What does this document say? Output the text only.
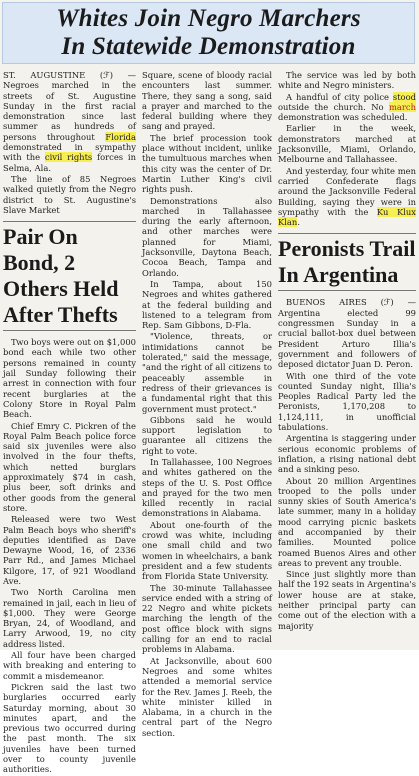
Whites Join Negro Marchers
In Statewide Demonstration

ST. AUGUSTINE (ℱ) — Negroes marched in the streets of St. Augustine Sunday in the first racial demonstration since last summer as hundreds of persons throughout Florida demonstrated in sympathy with the civil rights forces in Selma, Ala.

The line of 85 Negroes walked quietly from the Negro district to St. Augustine's Slave Market

Pair On Bond, 2 Others Held After Thefts

Two boys were out on $1,000 bond each while two other persons remained in county jail Sunday following their arrest in connection with four recent burglaries at the Colony Store in Royal Palm Beach.

Chief Emry C. Pickren of the Royal Palm Beach police force said six juveniles were also involved in the four thefts, which netted burglars approximately $74 in cash, plus beer, soft drinks and other goods from the general store.

Released were two West Palm Beach boys who sheriff's deputies identified as Dave Dewayne Wood, 16, of 2336 Parr Rd., and James Michael Kilgore, 17, of 921 Woodland Ave.

Two North Carolina men remained in jail, each in lieu of $1,000. They were George Bryan, 24, of Woodland, and Larry Arwood, 19, no city address listed.

All four have been charged with breaking and entering to commit a misdemeanor.

Pickren said the last two burglaries occurred early Saturday morning, about 30 minutes apart, and the previous two occurred during the past month. The six juveniles have been turned over to county juvenile authorities.

Square, scene of bloody racial encounters last summer. There, they sang a song, said a prayer and marched to the federal building where they sang and prayed.

The brief procession took place without incident, unlike the tumultuous marches when this city was the center of Dr. Martin Luther King's civil rights push.

Demonstrations also marched in Tallahassee during the early afternoon, and other marches were planned for Miami, Jacksonville, Daytona Beach, Cocoa Beach, Tampa and Orlando.

In Tampa, about 150 Negroes and whites gathered at the federal building and listened to a telegram from Rep. Sam Gibbons, D-Fla.

"Violence, threats, or intimidations cannot be tolerated," said the message, "and the right of all citizens to peaceably assemble in redress of their grievances is a fundamental right that this government must protect."

Gibbons said he would support legislation to guarantee all citizens the right to vote.

In Tallahassee, 100 Negroes and whites gathered on the steps of the U. S. Post Office and prayed for the two men killed recently in racial demonstrations in Alabama.

About one-fourth of the crowd was white, including one small child and two women in wheelchairs, a bank president and a few students from Florida State University.

The 30-minute Tallahassee service ended with a string of 22 Negro and white pickets marching the length of the post office block with signs calling for an end to racial problems in Alabama.

At Jacksonville, about 600 Negroes and some whites attended a memorial service for the Rev. James J. Reeb, the white minister killed in Alabama, in a church in the central part of the Negro section.

The service was led by both white and Negro ministers.

A handful of city police stood outside the church. No march demonstration was scheduled.

Earlier in the week, demonstrators marched at Jacksonville, Miami, Orlando, Melbourne and Tallahassee.

And yesterday, four white men carried Confederate flags around the Jacksonville Federal Building, saying they were in sympathy with the Ku Klux Klan.

Peronists Trail In Argentina

BUENOS AIRES (ℱ) — Argentina elected 99 congressmen Sunday in a crucial ballot-box duel between President Arturo Illia's government and followers of deposed dictator Juan D. Peron.

With one third of the vote counted Sunday night, Illia's Peoples Radical Party led the Peronists, 1,170,208 to 1,124,111, in unofficial tabulations.

Argentina is staggering under serious economic problems of inflation, a rising national debt and a sinking peso.

About 20 million Argentines trooped to the polls under sunny skies of South America's late summer, many in a holiday mood carrying picnic baskets and accompanied by their families. Mounted police roamed Buenos Aires and other areas to prevent any trouble.

Since just slightly more than half the 192 seats in Argentina's lower house are at stake, neither principal party can come out of the election with a majority
